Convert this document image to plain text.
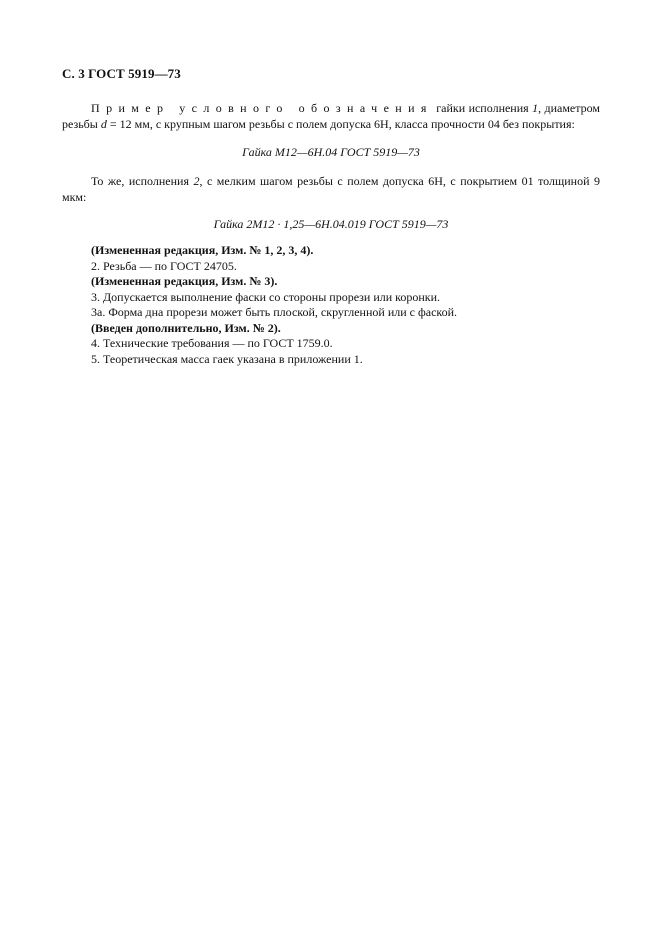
С. 3 ГОСТ 5919—73
Пример условного обозначения гайки исполнения 1, диаметром резьбы d = 12 мм, с крупным шагом резьбы с полем допуска 6Н, класса прочности 04 без покрытия:
Гайка М12—6Н.04 ГОСТ 5919—73
То же, исполнения 2, с мелким шагом резьбы с полем допуска 6Н, с покрытием 01 толщиной 9 мкм:
Гайка 2М12 · 1,25—6Н.04.019 ГОСТ 5919—73
(Измененная редакция, Изм. № 1, 2, 3, 4).
2. Резьба — по ГОСТ 24705.
(Измененная редакция, Изм. № 3).
3. Допускается выполнение фаски со стороны прорези или коронки.
3а. Форма дна прорези может быть плоской, скругленной или с фаской.
(Введен дополнительно, Изм. № 2).
4. Технические требования — по ГОСТ 1759.0.
5. Теоретическая масса гаек указана в приложении 1.
